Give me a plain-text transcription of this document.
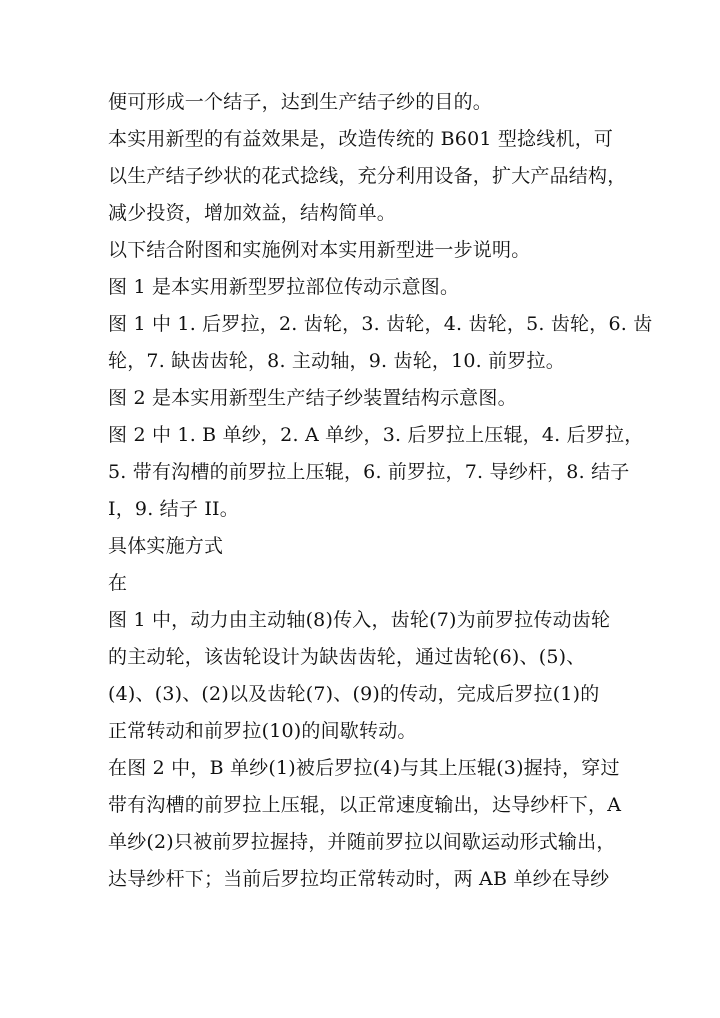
便可形成一个结子，达到生产结子纱的目的。
本实用新型的有益效果是，改造传统的 B601 型捻线机，可
以生产结子纱状的花式捻线，充分利用设备，扩大产品结构，
减少投资，增加效益，结构简单。
以下结合附图和实施例对本实用新型进一步说明。
图 1 是本实用新型罗拉部位传动示意图。
图 1 中 1. 后罗拉，2. 齿轮，3. 齿轮，4. 齿轮，5. 齿轮，6. 齿
轮，7. 缺齿齿轮，8. 主动轴，9. 齿轮，10. 前罗拉。
图 2 是本实用新型生产结子纱装置结构示意图。
图 2 中 1. B 单纱，2. A 单纱，3. 后罗拉上压辊，4. 后罗拉，
5. 带有沟槽的前罗拉上压辊，6. 前罗拉，7. 导纱杆，8. 结子
I，9. 结子 II。
具体实施方式
在
图 1 中，动力由主动轴(8)传入，齿轮(7)为前罗拉传动齿轮
的主动轮，该齿轮设计为缺齿齿轮，通过齿轮(6)、(5)、
(4)、(3)、(2)以及齿轮(7)、(9)的传动，完成后罗拉(1)的
正常转动和前罗拉(10)的间歇转动。
在图 2 中，B 单纱(1)被后罗拉(4)与其上压辊(3)握持，穿过
带有沟槽的前罗拉上压辊，以正常速度输出，达导纱杆下，A
单纱(2)只被前罗拉握持，并随前罗拉以间歇运动形式输出，
达导纱杆下；当前后罗拉均正常转动时，两 AB 单纱在导纱
